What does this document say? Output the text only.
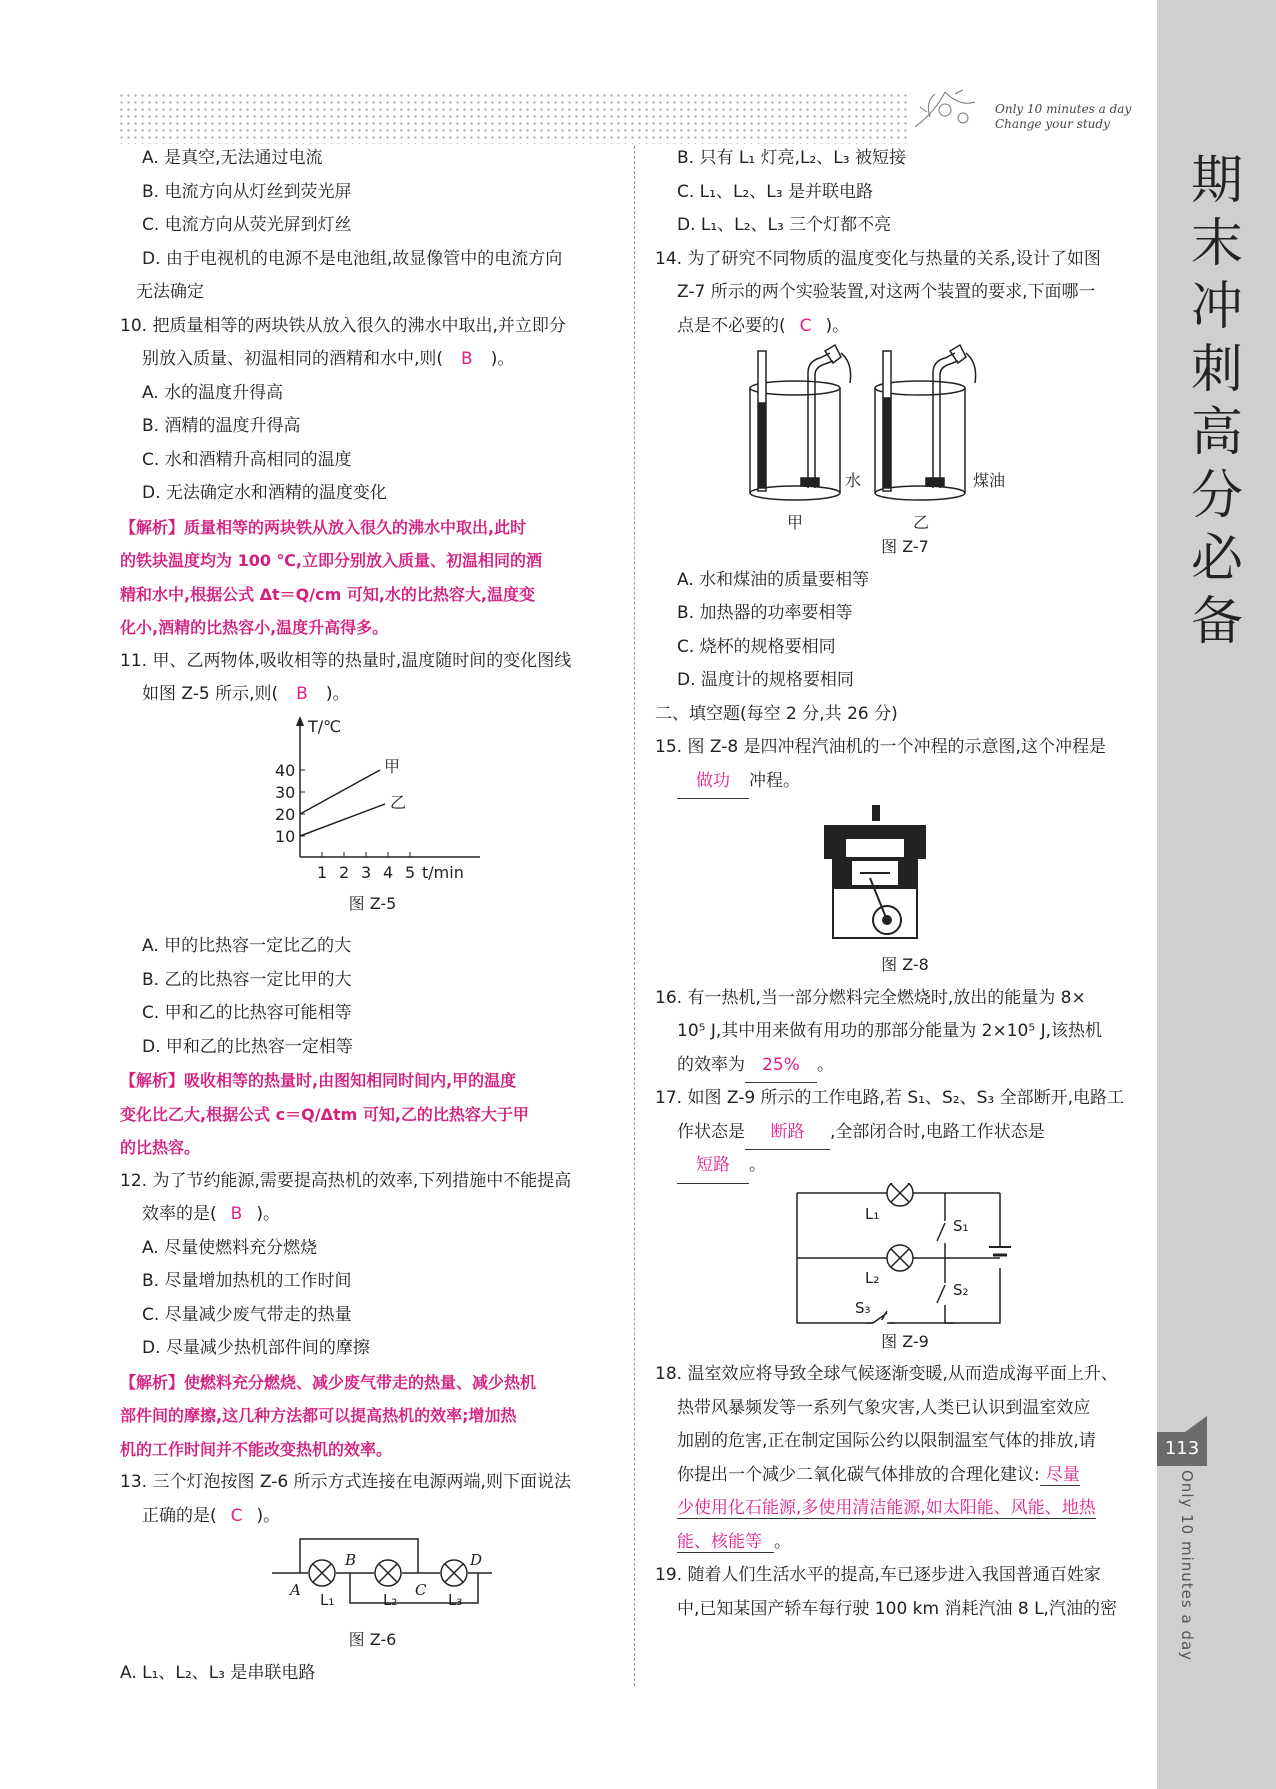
Only 10 minutes a day
Change your study
期
末
冲
刺
高
分
必
备
113
Only 10 minutes a day
A. 是真空,无法通过电流
B. 电流方向从灯丝到荧光屏
C. 电流方向从荧光屏到灯丝
D. 由于电视机的电源不是电池组,故显像管中的电流方向
无法确定
10. 把质量相等的两块铁从放入很久的沸水中取出,并立即分
别放入质量、初温相同的酒精和水中,则( B )。
A. 水的温度升得高
B. 酒精的温度升得高
C. 水和酒精升高相同的温度
D. 无法确定水和酒精的温度变化
【解析】质量相等的两块铁从放入很久的沸水中取出,此时
的铁块温度均为 100 ℃,立即分别放入质量、初温相同的酒
精和水中,根据公式 Δt＝Q/cm 可知,水的比热容大,温度变
化小,酒精的比热容小,温度升高得多。
11. 甲、乙两物体,吸收相等的热量时,温度随时间的变化图线
如图 Z-5 所示,则( B )。
T/℃
40
30
20
10
1 2 3 4 5 t/min
甲
乙
图 Z-5
A. 甲的比热容一定比乙的大
B. 乙的比热容一定比甲的大
C. 甲和乙的比热容可能相等
D. 甲和乙的比热容一定相等
【解析】吸收相等的热量时,由图知相同时间内,甲的温度
变化比乙大,根据公式 c＝Q/Δtm 可知,乙的比热容大于甲
的比热容。
12. 为了节约能源,需要提高热机的效率,下列措施中不能提高
效率的是( B )。
A. 尽量使燃料充分燃烧
B. 尽量增加热机的工作时间
C. 尽量减少废气带走的热量
D. 尽量减少热机部件间的摩擦
【解析】使燃料充分燃烧、减少废气带走的热量、减少热机
部件间的摩擦,这几种方法都可以提高热机的效率;增加热
机的工作时间并不能改变热机的效率。
13. 三个灯泡按图 Z-6 所示方式连接在电源两端,则下面说法
正确的是( C )。
A
B
C
D
L₁	L₂	L₃
图 Z-6
A. L₁、L₂、L₃ 是串联电路
B. 只有 L₁ 灯亮,L₂、L₃ 被短接
C. L₁、L₂、L₃ 是并联电路
D. L₁、L₂、L₃ 三个灯都不亮
14. 为了研究不同物质的温度变化与热量的关系,设计了如图
Z-7 所示的两个实验装置,对这两个装置的要求,下面哪一
点是不必要的( C )。
水	煤油
甲	乙
图 Z-7
A. 水和煤油的质量要相等
B. 加热器的功率要相等
C. 烧杯的规格要相同
D. 温度计的规格要相同
二、填空题(每空 2 分,共 26 分)
15. 图 Z-8 是四冲程汽油机的一个冲程的示意图,这个冲程是
做功 冲程。
图 Z-8
16. 有一热机,当一部分燃料完全燃烧时,放出的能量为 8×
10⁵ J,其中用来做有用功的那部分能量为 2×10⁵ J,该热机
的效率为 25% 。
17. 如图 Z-9 所示的工作电路,若 S₁、S₂、S₃ 全部断开,电路工
作状态是 断路 ,全部闭合时,电路工作状态是
短路 。
L₁
L₂
S₁
S₂
S₃
图 Z-9
18. 温室效应将导致全球气候逐渐变暖,从而造成海平面上升、
热带风暴频发等一系列气象灾害,人类已认识到温室效应
加剧的危害,正在制定国际公约以限制温室气体的排放,请
你提出一个减少二氧化碳气体排放的合理化建议: 尽量
少使用化石能源,多使用清洁能源,如太阳能、风能、地热
能、核能等 。
19. 随着人们生活水平的提高,车已逐步进入我国普通百姓家
中,已知某国产轿车每行驶 100 km 消耗汽油 8 L,汽油的密
